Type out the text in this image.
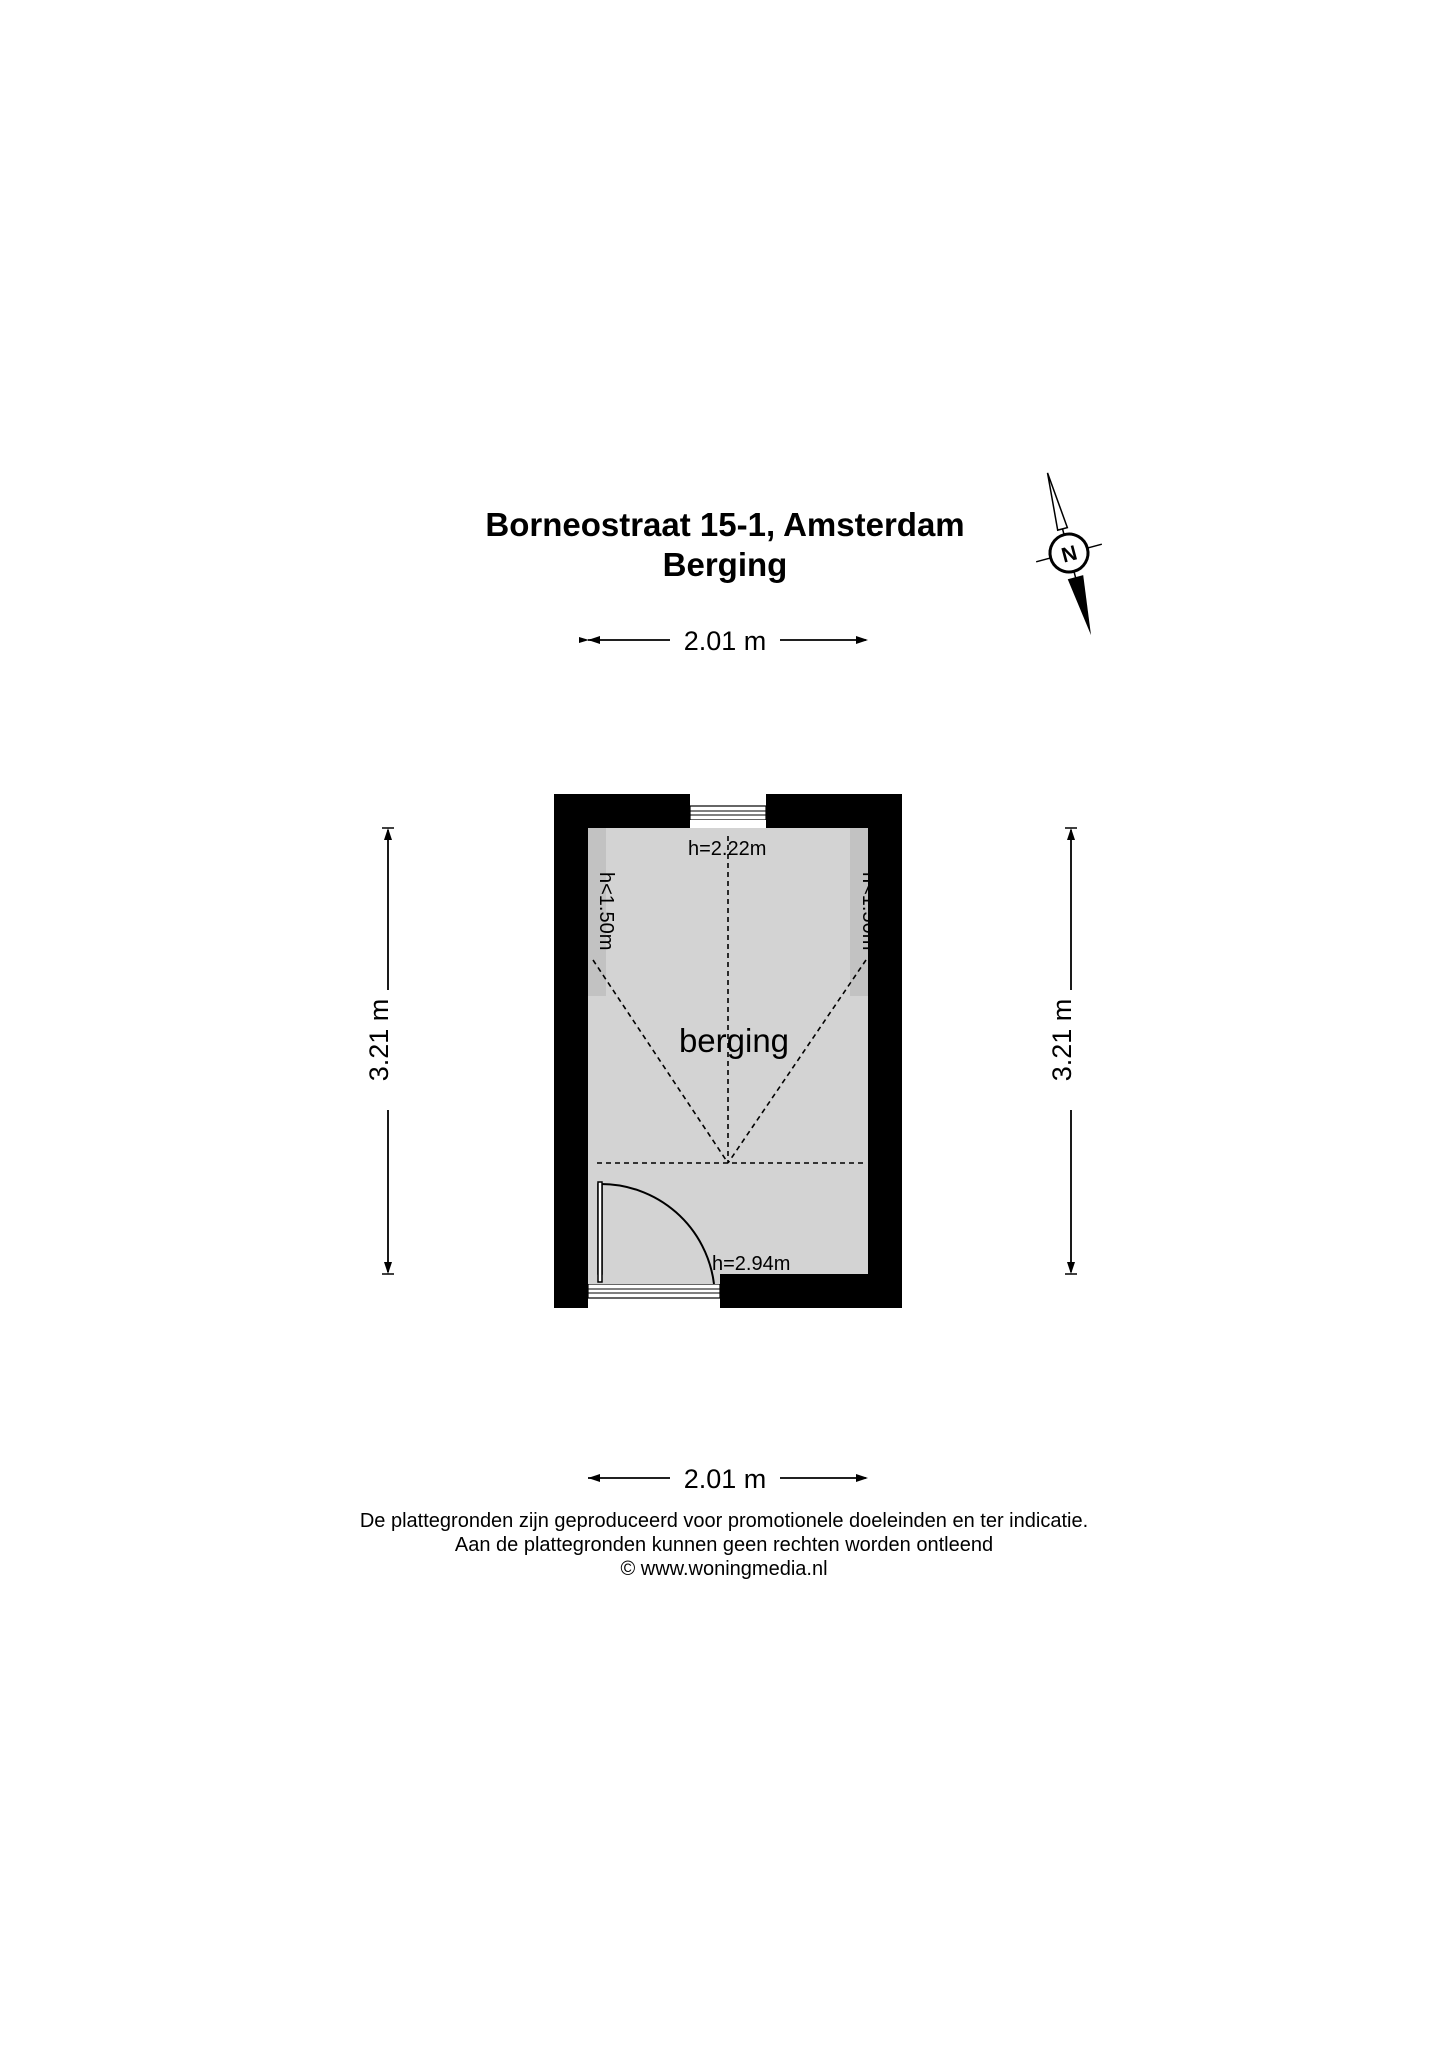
Borneostraat 15-1, Amsterdam
Berging	N
2.01 m
2.01 m
3.21 m	3.21 m
h=2.22m
h<1.50m	h<1.50m
berging
h=2.94m
De plattegronden zijn geproduceerd voor promotionele doeleinden en ter indicatie.
Aan de plattegronden kunnen geen rechten worden ontleend
© www.woningmedia.nl
